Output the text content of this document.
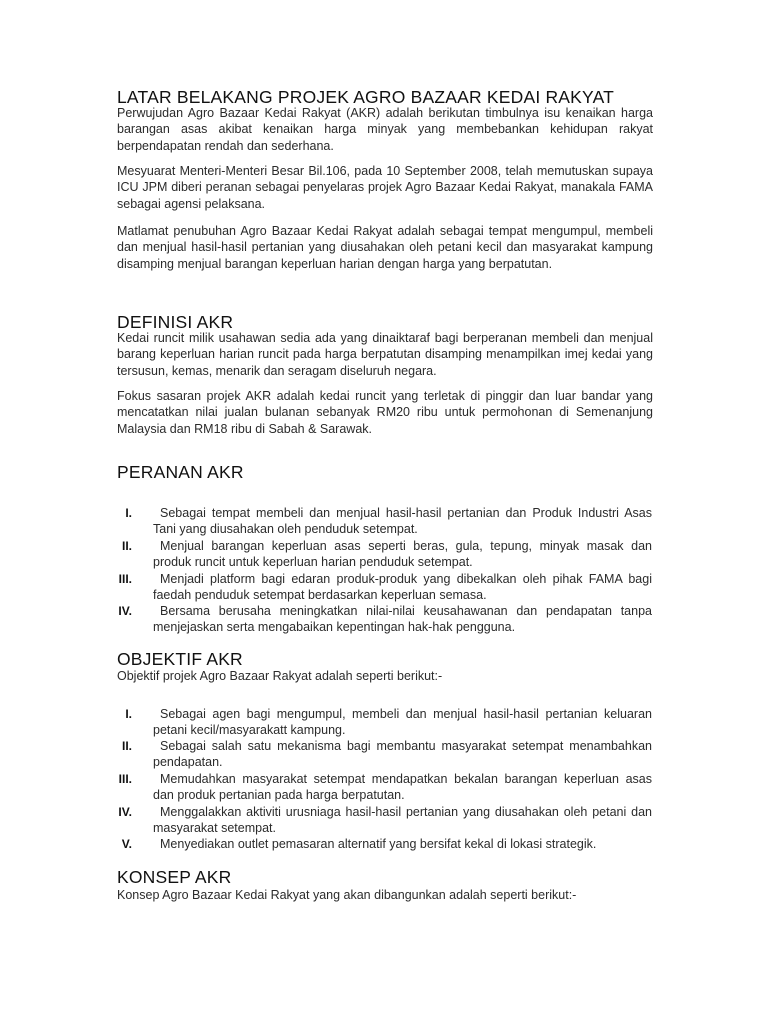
LATAR BELAKANG PROJEK AGRO BAZAAR KEDAI RAKYAT

Perwujudan Agro Bazaar Kedai Rakyat (AKR) adalah berikutan timbulnya isu kenaikan harga barangan asas akibat kenaikan harga minyak yang membebankan kehidupan rakyat berpendapatan rendah dan sederhana.

Mesyuarat Menteri-Menteri Besar Bil.106, pada 10 September 2008, telah memutuskan supaya ICU JPM diberi peranan sebagai penyelaras projek Agro Bazaar Kedai Rakyat, manakala FAMA sebagai agensi pelaksana.

Matlamat penubuhan Agro Bazaar Kedai Rakyat adalah sebagai tempat mengumpul, membeli dan menjual hasil-hasil pertanian yang diusahakan oleh petani kecil dan masyarakat kampung disamping menjual barangan keperluan harian dengan harga yang berpatutan.

DEFINISI AKR

Kedai runcit milik usahawan sedia ada yang dinaiktaraf bagi berperanan membeli dan menjual barang keperluan harian runcit pada harga berpatutan disamping menampilkan imej kedai yang tersusun, kemas, menarik dan seragam diseluruh negara.

Fokus sasaran projek AKR adalah kedai runcit yang terletak di pinggir dan luar bandar yang mencatatkan nilai jualan bulanan sebanyak RM20 ribu untuk permohonan di Semenanjung Malaysia dan RM18 ribu di Sabah & Sarawak.

PERANAN AKR
I.	Sebagai tempat membeli dan menjual hasil-hasil pertanian dan Produk Industri Asas Tani yang diusahakan oleh penduduk setempat.

II.	Menjual barangan keperluan asas seperti beras, gula, tepung, minyak masak dan produk runcit untuk keperluan harian penduduk setempat.

III.	Menjadi platform bagi edaran produk-produk yang dibekalkan oleh pihak FAMA bagi faedah penduduk setempat berdasarkan keperluan semasa.

IV.	Bersama berusaha meningkatkan nilai-nilai keusahawanan dan pendapatan tanpa menjejaskan serta mengabaikan kepentingan hak-hak pengguna.

OBJEKTIF AKR

Objektif projek Agro Bazaar Rakyat adalah seperti berikut:-

I.	Sebagai agen bagi mengumpul, membeli dan menjual hasil-hasil pertanian keluaran petani kecil/masyarakatt kampung.

II.	Sebagai salah satu mekanisma bagi membantu masyarakat setempat menambahkan pendapatan.

III.	Memudahkan masyarakat setempat mendapatkan bekalan barangan keperluan asas dan produk pertanian pada harga berpatutan.

IV.	Menggalakkan aktiviti urusniaga hasil-hasil pertanian yang diusahakan oleh petani dan masyarakat setempat.

V.	Menyediakan outlet pemasaran alternatif yang bersifat kekal di lokasi strategik.

KONSEP AKR

Konsep Agro Bazaar Kedai Rakyat yang akan dibangunkan adalah seperti berikut:-
